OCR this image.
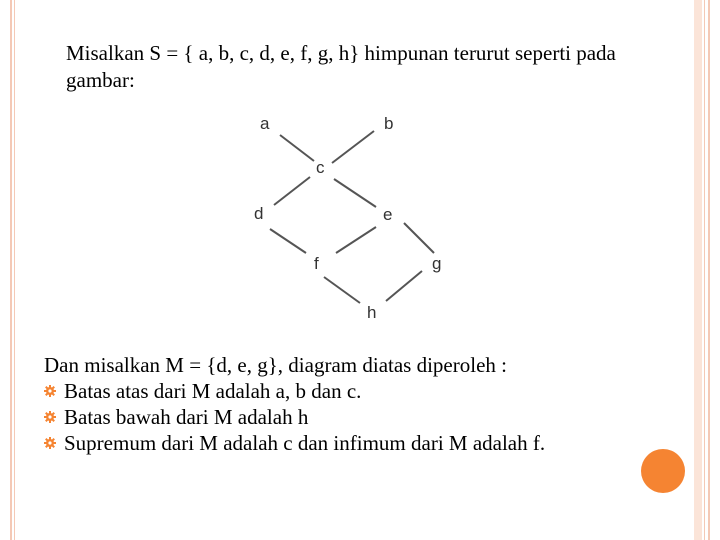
Misalkan S = { a, b, c, d, e, f, g, h} himpunan terurut seperti pada gambar:

a	b
c
d	e
f	g
h

Dan misalkan M = {d, e, g}, diagram diatas diperoleh :

Batas atas dari M adalah a, b dan c.
Batas bawah dari M adalah h
Supremum dari M adalah c dan infimum dari M adalah f.
